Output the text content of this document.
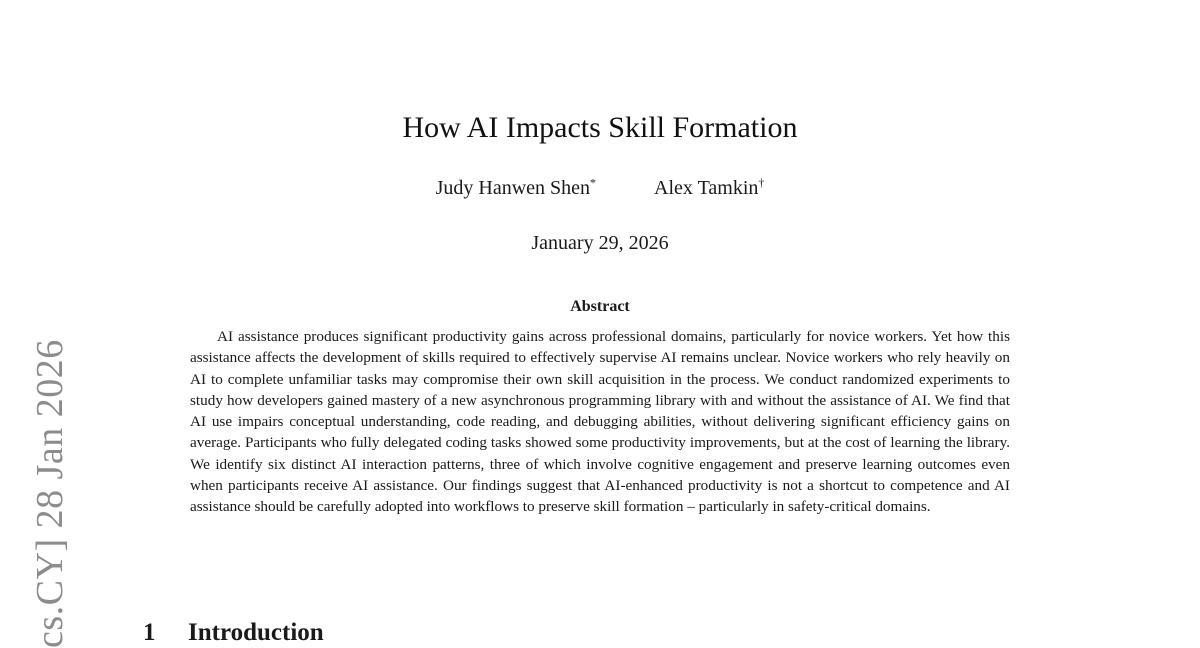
cs.CY] 28 Jan 2026
How AI Impacts Skill Formation
Judy Hanwen Shen*	Alex Tamkin†
January 29, 2026
Abstract

AI assistance produces significant productivity gains across professional domains, particularly for novice workers. Yet how this assistance affects the development of skills required to effectively supervise AI remains unclear. Novice workers who rely heavily on AI to complete unfamiliar tasks may compromise their own skill acquisition in the process. We conduct randomized experiments to study how developers gained mastery of a new asynchronous programming library with and without the assistance of AI. We find that AI use impairs conceptual understanding, code reading, and debugging abilities, without delivering significant efficiency gains on average. Participants who fully delegated coding tasks showed some productivity improvements, but at the cost of learning the library. We identify six distinct AI interaction patterns, three of which involve cognitive engagement and preserve learning outcomes even when participants receive AI assistance. Our findings suggest that AI-enhanced productivity is not a shortcut to competence and AI assistance should be carefully adopted into workflows to preserve skill formation – particularly in safety-critical domains.

1 Introduction
